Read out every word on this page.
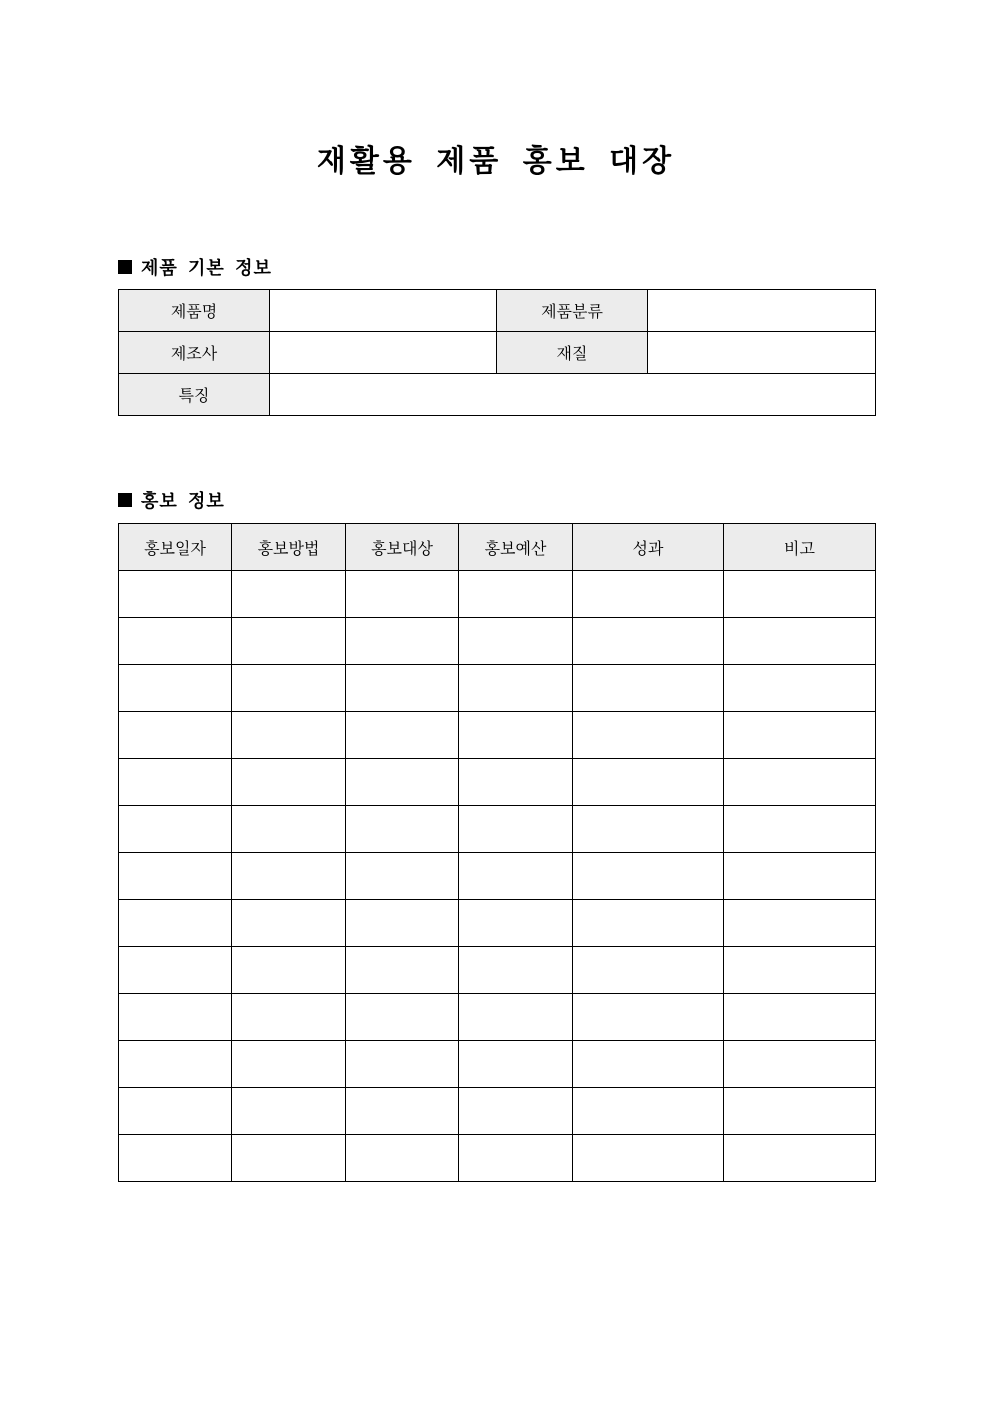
재활용 제품 홍보 대장
제품 기본 정보
제품명		제품분류	
제조사		재질	
특징			
홍보 정보
홍보일자	홍보방법	홍보대상	홍보예산	성과	비고
